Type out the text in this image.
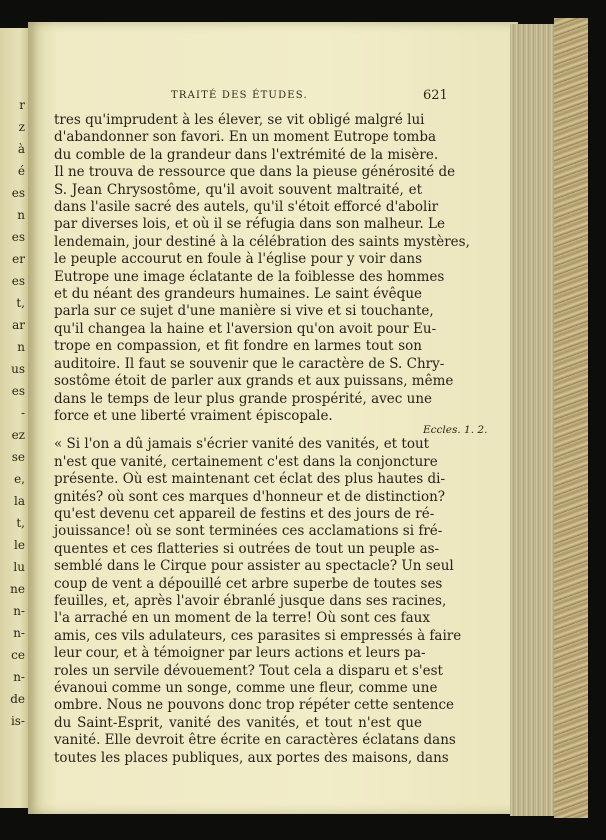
r

z

à

é

es

n

es

er

es

t,

ar

n

us

es

-

ez

se

e,

la

t,

le

lu

ne

n-

n-

ce

n-

de

is-

TRAITÉ DES ÉTUDES.	621

tres qu'imprudent à les élever, se vit obligé malgré lui

d'abandonner son favori. En un moment Eutrope tomba

du comble de la grandeur dans l'extrémité de la misère.

Il ne trouva de ressource que dans la pieuse générosité de

S. Jean Chrysostôme, qu'il avoit souvent maltraité, et

dans l'asile sacré des autels, qu'il s'étoit efforcé d'abolir

par diverses lois, et où il se réfugia dans son malheur. Le

lendemain, jour destiné à la célébration des saints mystères,

le peuple accourut en foule à l'église pour y voir dans

Eutrope une image éclatante de la foiblesse des hommes

et du néant des grandeurs humaines. Le saint évêque

parla sur ce sujet d'une manière si vive et si touchante,

qu'il changea la haine et l'aversion qu'on avoit pour Eu-

trope en compassion, et fit fondre en larmes tout son

auditoire. Il faut se souvenir que le caractère de S. Chry-

sostôme étoit de parler aux grands et aux puissans, même

dans le temps de leur plus grande prospérité, avec une

force et une liberté vraiment épiscopale.

« Si l'on a dû jamais s'écrier vanité des vanités, et tout

n'est que vanité, certainement c'est dans la conjoncture

présente. Où est maintenant cet éclat des plus hautes di-

gnités? où sont ces marques d'honneur et de distinction?

qu'est devenu cet appareil de festins et des jours de ré-

jouissance! où se sont terminées ces acclamations si fré-

quentes et ces flatteries si outrées de tout un peuple as-

semblé dans le Cirque pour assister au spectacle? Un seul

coup de vent a dépouillé cet arbre superbe de toutes ses

feuilles, et, après l'avoir ébranlé jusque dans ses racines,

l'a arraché en un moment de la terre! Où sont ces faux

amis, ces vils adulateurs, ces parasites si empressés à faire

leur cour, et à témoigner par leurs actions et leurs pa-

roles un servile dévouement? Tout cela a disparu et s'est

évanoui comme un songe, comme une fleur, comme une

ombre. Nous ne pouvons donc trop répéter cette sentence

du Saint-Esprit, vanité des vanités, et tout n'est que

vanité. Elle devroit être écrite en caractères éclatans dans

toutes les places publiques, aux portes des maisons, dans

Eccles. 1. 2.
